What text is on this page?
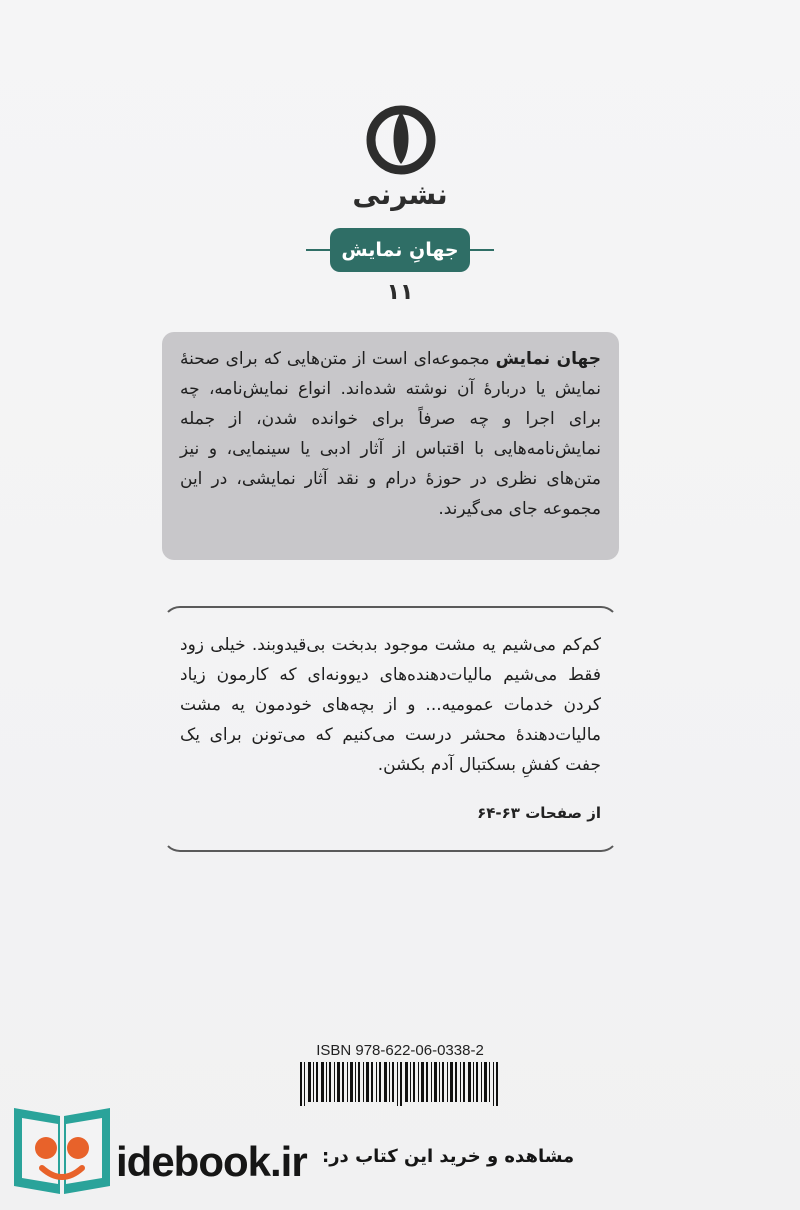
نشرنی
جهانِ نمایش
۱۱
جهان نمایش مجموعه‌ای است از متن‌هایی که برای صحنهٔ نمایش یا دربارهٔ آن نوشته شده‌اند. انواع نمایش‌نامه، چه برای اجرا و چه صرفاً برای خوانده شدن، از جمله نمایش‌نامه‌هایی با اقتباس از آثار ادبی یا سینمایی، و نیز متن‌های نظری در حوزهٔ درام و نقد آثار نمایشی، در این مجموعه جای می‌گیرند.
کم‌کم می‌شیم یه مشت موجود بدبخت بی‌قیدوبند. خیلی زود فقط می‌شیم مالیات‌دهنده‌های دیوونه‌ای که کارمون زیاد کردن خدمات عمومیه... و از بچه‌های خودمون یه مشت مالیات‌دهندهٔ محشر درست می‌کنیم که می‌تونن برای یک جفت کفشِ بسکتبال آدم بکشن.
از صفحات ۶۳-۶۴
ISBN 978-622-06-0338-2
idebook.ir مشاهده و خرید این کتاب در:
